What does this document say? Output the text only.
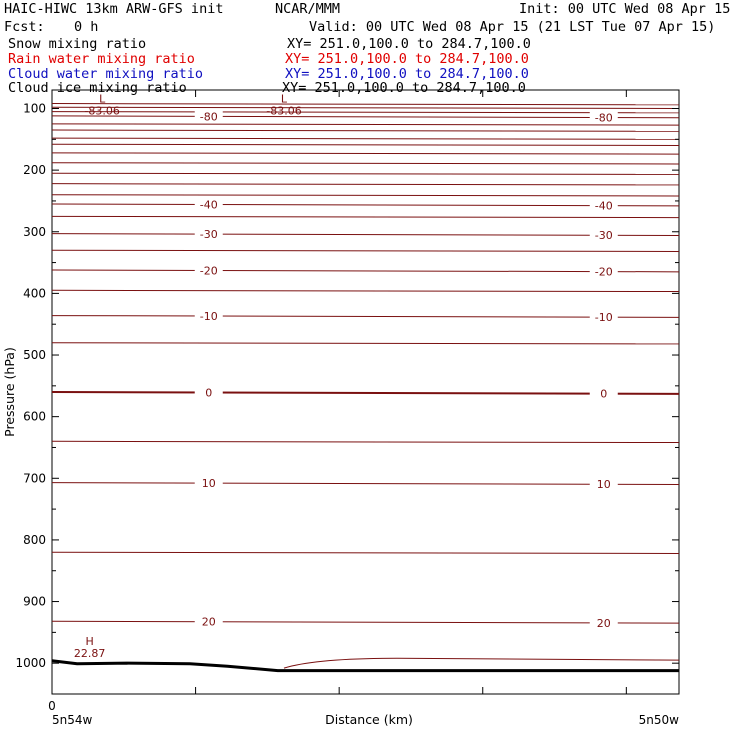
HAIC-HIWC 13km ARW-GFS init	NCAR/MMM	Init: 00 UTC Wed 08 Apr 15
Fcst: 0 h	Valid: 00 UTC Wed 08 Apr 15 (21 LST Tue 07 Apr 15)
Snow mixing ratio	XY= 251.0,100.0 to 284.7,100.0
Rain water mixing ratio	XY= 251.0,100.0 to 284.7,100.0
Cloud water mixing ratio	XY= 251.0,100.0 to 284.7,100.0
Cloud ice mixing ratio	XY= 251.0,100.0 to 284.7,100.0
-80	-80
-40	-40
-30	-30
-20	-20
-10	-10
0	0
10	10
20	20
L
-83.06
L
-83.06
H
22.87
100
200
300
400
500
600
700
800
900
1000
Pressure (hPa)
Distance (km)
0
5n54w	5n50w
